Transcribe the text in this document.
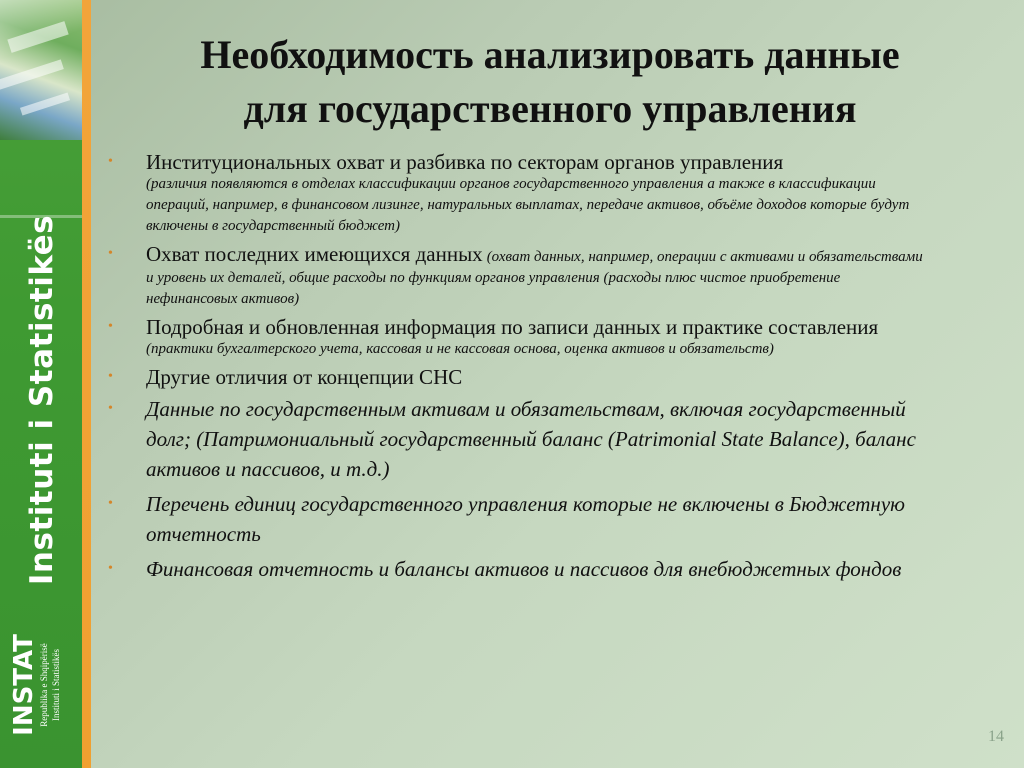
Instituti i Statistikës
INSTAT Republika e Shqipërisë Instituti i Statistikës
Необходимость анализировать данные
для государственного управления
• Институциональных охват и разбивка по секторам органов управления
(различия появляются в отделах классификации органов государственного управления а также в классификации операций, например, в финансовом лизинге, натуральных выплатах, передаче активов, объёме доходов которые будут включены в государственный бюджет)
• Охват последних имеющихся данных (охват данных, например, операции с активами и обязательствами и уровень их деталей, общие расходы по функциям органов управления (расходы плюс чистое приобретение нефинансовых активов)
• Подробная и обновленная информация по записи данных и практике составления (практики бухгалтерского учета, кассовая и не кассовая основа, оценка активов и обязательств)
• Другие отличия от концепции СНС
• Данные по государственным активам и обязательствам, включая государственный долг; (Патримониальный государственный баланс (Patrimonial State Balance), баланс активов и пассивов, и т.д.)
• Перечень единиц государственного управления которые не включены в Бюджетную отчетность
• Финансовая отчетность и балансы активов и пассивов для внебюджетных фондов
14
